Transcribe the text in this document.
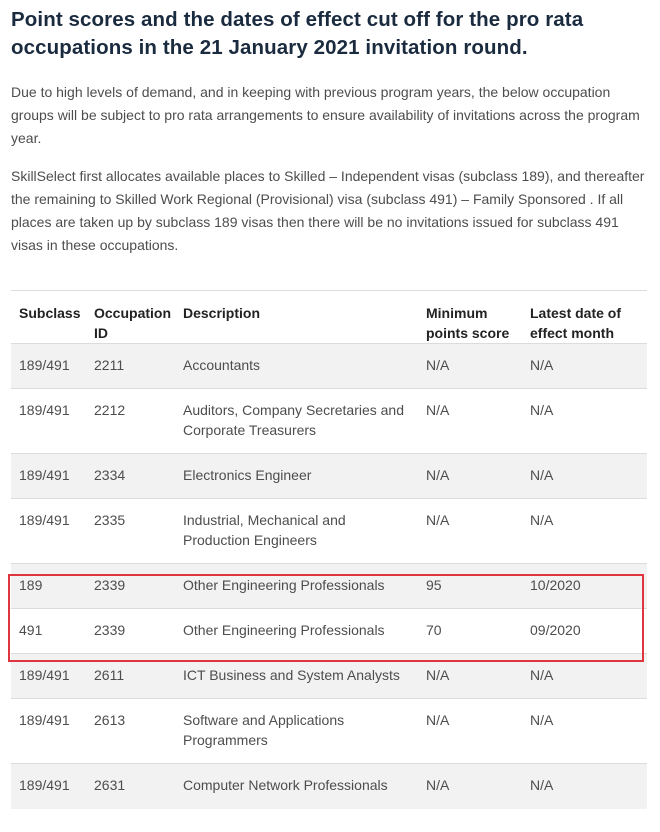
Point scores and the dates of effect cut off for the pro rata occupations in the 21 January 2021 invitation round.

Due to high levels of demand, and in keeping with previous program years, the below occupation groups will be subject to pro rata arrangements to ensure availability of invitations across the program year.

SkillSelect first allocates available places to Skilled – Independent visas (subclass 189), and thereafter the remaining to Skilled Work Regional (Provisional) visa (subclass 491) – Family Sponsored . If all places are taken up by subclass 189 visas then there will be no invitations issued for subclass 491 visas in these occupations.

Subclass	Occupation ID	Description	Minimum points score	Latest date of effect month
189/491	2211	Accountants	N/A	N/A
189/491	2212	Auditors, Company Secretaries and Corporate Treasurers	N/A	N/A
189/491	2334	Electronics Engineer	N/A	N/A
189/491	2335	Industrial, Mechanical and Production Engineers	N/A	N/A
189	2339	Other Engineering Professionals	95	10/2020
491	2339	Other Engineering Professionals	70	09/2020
189/491	2611	ICT Business and System Analysts	N/A	N/A
189/491	2613	Software and Applications Programmers	N/A	N/A
189/491	2631	Computer Network Professionals	N/A	N/A
